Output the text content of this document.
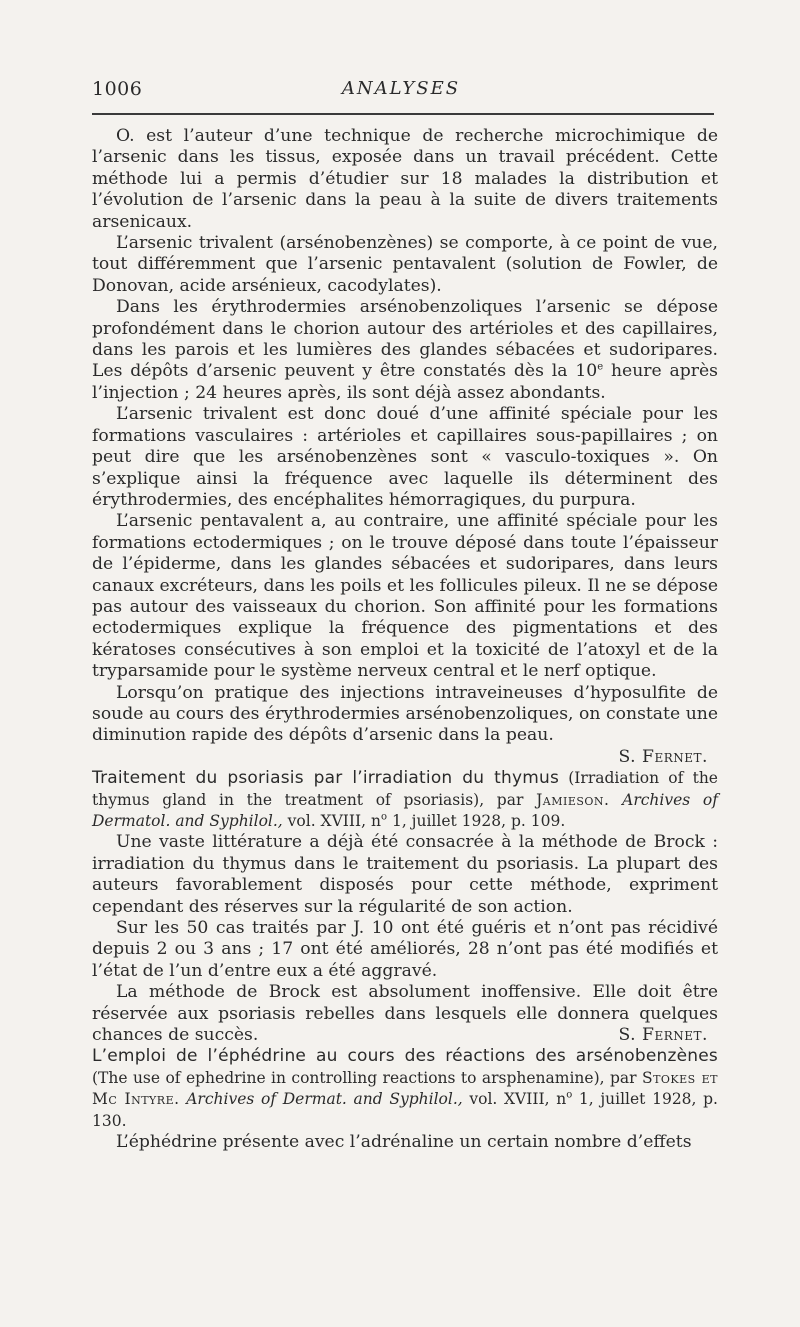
1006	ANALYSES

O. est l’auteur d’une technique de recherche microchimique de l’arsenic dans les tissus, exposée dans un travail précédent. Cette méthode lui a permis d’étudier sur 18 malades la distribution et l’évolution de l’arsenic dans la peau à la suite de divers traitements arsenicaux.

L’arsenic trivalent (arsénobenzènes) se comporte, à ce point de vue, tout différemment que l’arsenic pentavalent (solution de Fowler, de Donovan, acide arsénieux, cacodylates).

Dans les érythrodermies arsénobenzoliques l’arsenic se dépose profondément dans le chorion autour des artérioles et des capillaires, dans les parois et les lumières des glandes sébacées et sudoripares. Les dépôts d’arsenic peuvent y être constatés dès la 10e heure après l’injection ; 24 heures après, ils sont déjà assez abondants.

L’arsenic trivalent est donc doué d’une affinité spéciale pour les formations vasculaires : artérioles et capillaires sous-papillaires ; on peut dire que les arsénobenzènes sont « vasculo-toxiques ». On s’explique ainsi la fréquence avec laquelle ils déterminent des érythrodermies, des encéphalites hémorragiques, du purpura.

L’arsenic pentavalent a, au contraire, une affinité spéciale pour les formations ectodermiques ; on le trouve déposé dans toute l’épaisseur de l’épiderme, dans les glandes sébacées et sudoripares, dans leurs canaux excréteurs, dans les poils et les follicules pileux. Il ne se dépose pas autour des vaisseaux du chorion. Son affinité pour les formations ectodermiques explique la fréquence des pigmentations et des kératoses consécutives à son emploi et la toxicité de l’atoxyl et de la tryparsamide pour le système nerveux central et le nerf optique.

Lorsqu’on pratique des injections intraveineuses d’hyposulfite de soude au cours des érythrodermies arsénobenzoliques, on constate une diminution rapide des dépôts d’arsenic dans la peau.

S. Fernet.

Traitement du psoriasis par l’irradiation du thymus (Irradiation of the thymus gland in the treatment of psoriasis), par Jamieson. Archives of Dermatol. and Syphilol., vol. XVIII, $n^o$ 1, juillet 1928, p. 109.

Une vaste littérature a déjà été consacrée à la méthode de Brock : irradiation du thymus dans le traitement du psoriasis. La plupart des auteurs favorablement disposés pour cette méthode, expriment cependant des réserves sur la régularité de son action.

Sur les 50 cas traités par J. 10 ont été guéris et n’ont pas récidivé depuis 2 ou 3 ans ; 17 ont été améliorés, 28 n’ont pas été modifiés et l’état de l’un d’entre eux a été aggravé.

La méthode de Brock est absolument inoffensive. Elle doit être réservée aux psoriasis rebelles dans lesquels elle donnera quelques chances de succès.	S. Fernet.

L’emploi de l’éphédrine au cours des réactions des arsénobenzènes (The use of ephedrine in controlling reactions to arsphenamine), par Stokes et Mc Intyre. Archives of Dermat. and Syphilol., vol. XVIII, $n^o$ 1, juillet 1928, p. 130.

L’éphédrine présente avec l’adrénaline un certain nombre d’effets
